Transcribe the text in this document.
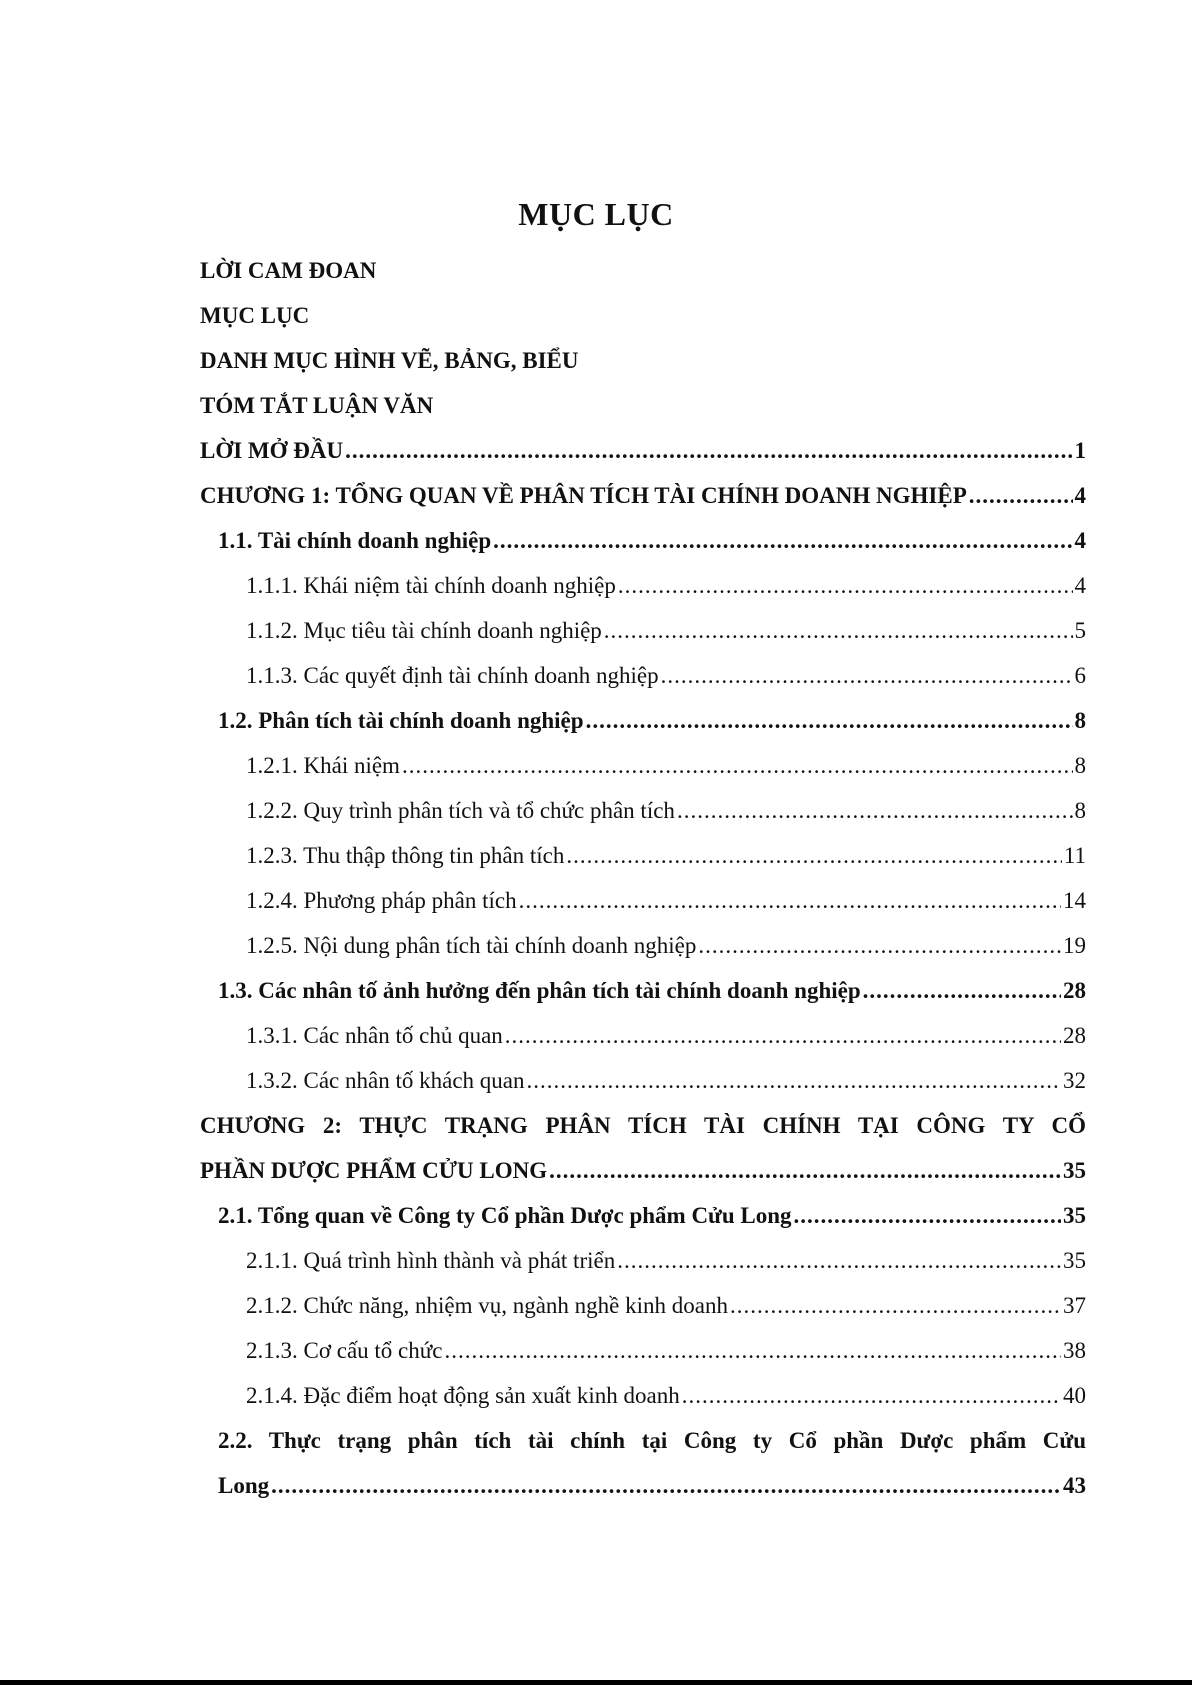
MỤC LỤC
LỜI CAM ĐOAN
MỤC LỤC
DANH MỤC HÌNH VẼ, BẢNG, BIỂU
TÓM TẮT LUẬN VĂN
LỜI MỞ ĐẦU .....	1
CHƯƠNG 1: TỔNG QUAN VỀ PHÂN TÍCH TÀI CHÍNH DOANH NGHIỆP .....	4
1.1. Tài chính doanh nghiệp .....	4
1.1.1. Khái niệm tài chính doanh nghiệp .....	4
1.1.2. Mục tiêu tài chính doanh nghiệp .....	5
1.1.3. Các quyết định tài chính doanh nghiệp .....	6
1.2. Phân tích tài chính doanh nghiệp .....	8
1.2.1. Khái niệm .....	8
1.2.2. Quy trình phân tích và tổ chức phân tích .....	8
1.2.3. Thu thập thông tin phân tích .....	11
1.2.4. Phương pháp phân tích .....	14
1.2.5. Nội dung phân tích tài chính doanh nghiệp .....	19
1.3. Các nhân tố ảnh hưởng đến phân tích tài chính doanh nghiệp .....	28
1.3.1. Các nhân tố chủ quan .....	28
1.3.2. Các nhân tố khách quan .....	32
CHƯƠNG 2: THỰC TRẠNG PHÂN TÍCH TÀI CHÍNH TẠI CÔNG TY CỔ
PHẦN DƯỢC PHẨM CỬU LONG .....	35
2.1. Tổng quan về Công ty Cổ phần Dược phẩm Cửu Long .....	35
2.1.1. Quá trình hình thành và phát triển .....	35
2.1.2. Chức năng, nhiệm vụ, ngành nghề kinh doanh .....	37
2.1.3. Cơ cấu tổ chức .....	38
2.1.4. Đặc điểm hoạt động sản xuất kinh doanh .....	40
2.2. Thực trạng phân tích tài chính tại Công ty Cổ phần Dược phẩm Cửu
Long .....	43
